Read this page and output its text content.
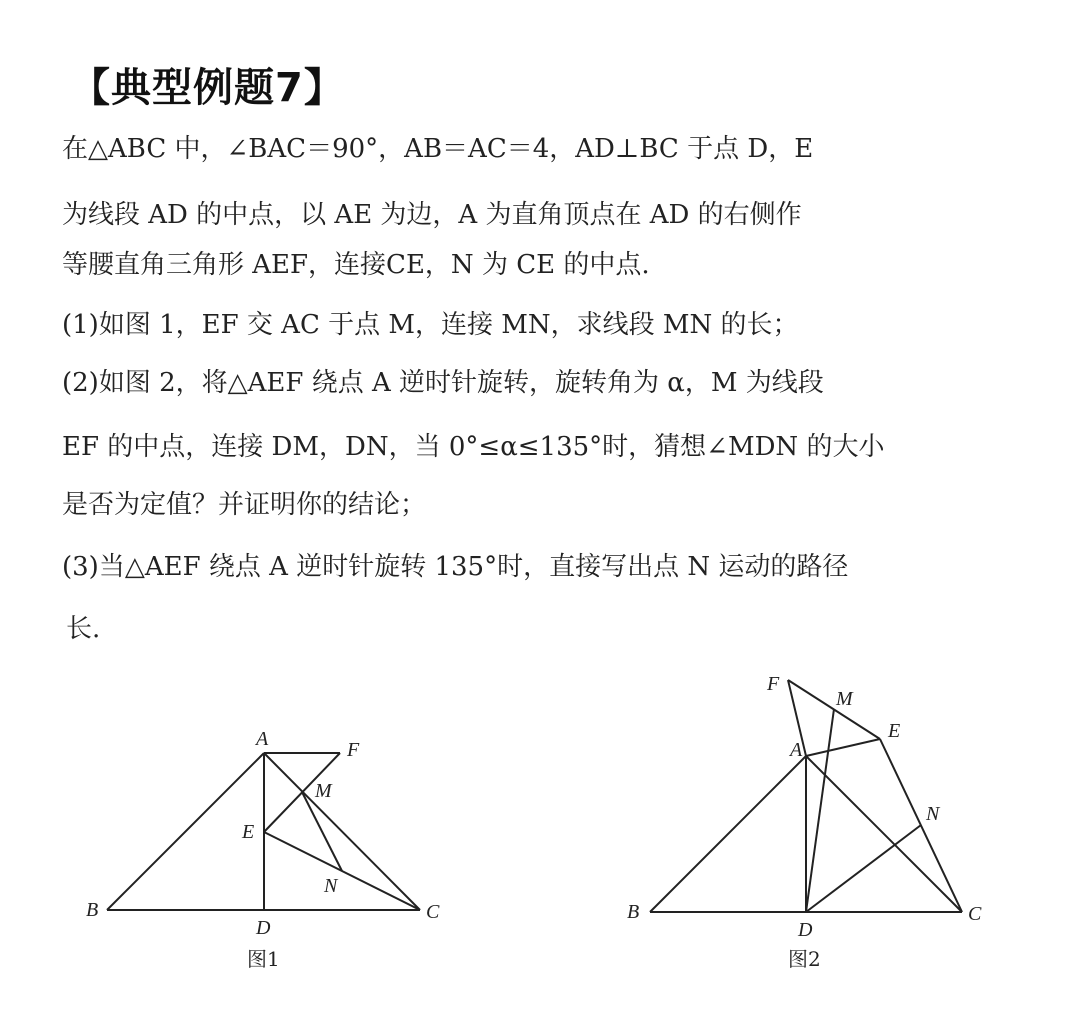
【典型例题7】
在△ABC 中，∠BAC＝90°，AB＝AC＝4，AD⊥BC 于点 D，E
为线段 AD 的中点，以 AE 为边，A 为直角顶点在 AD 的右侧作
等腰直角三角形 AEF，连接CE，N 为 CE 的中点.
(1)如图 1，EF 交 AC 于点 M，连接 MN，求线段 MN 的长；
(2)如图 2，将△AEF 绕点 A 逆时针旋转，旋转角为 α，M 为线段
EF 的中点，连接 DM，DN，当 0°≤α≤135°时，猜想∠MDN 的大小
是否为定值？并证明你的结论；
(3)当△AEF 绕点 A 逆时针旋转 135°时，直接写出点 N 运动的路径
长.
A
B	C
D
E
F
M
N
图1
A
B	C
D
E
F
M
N
图2
